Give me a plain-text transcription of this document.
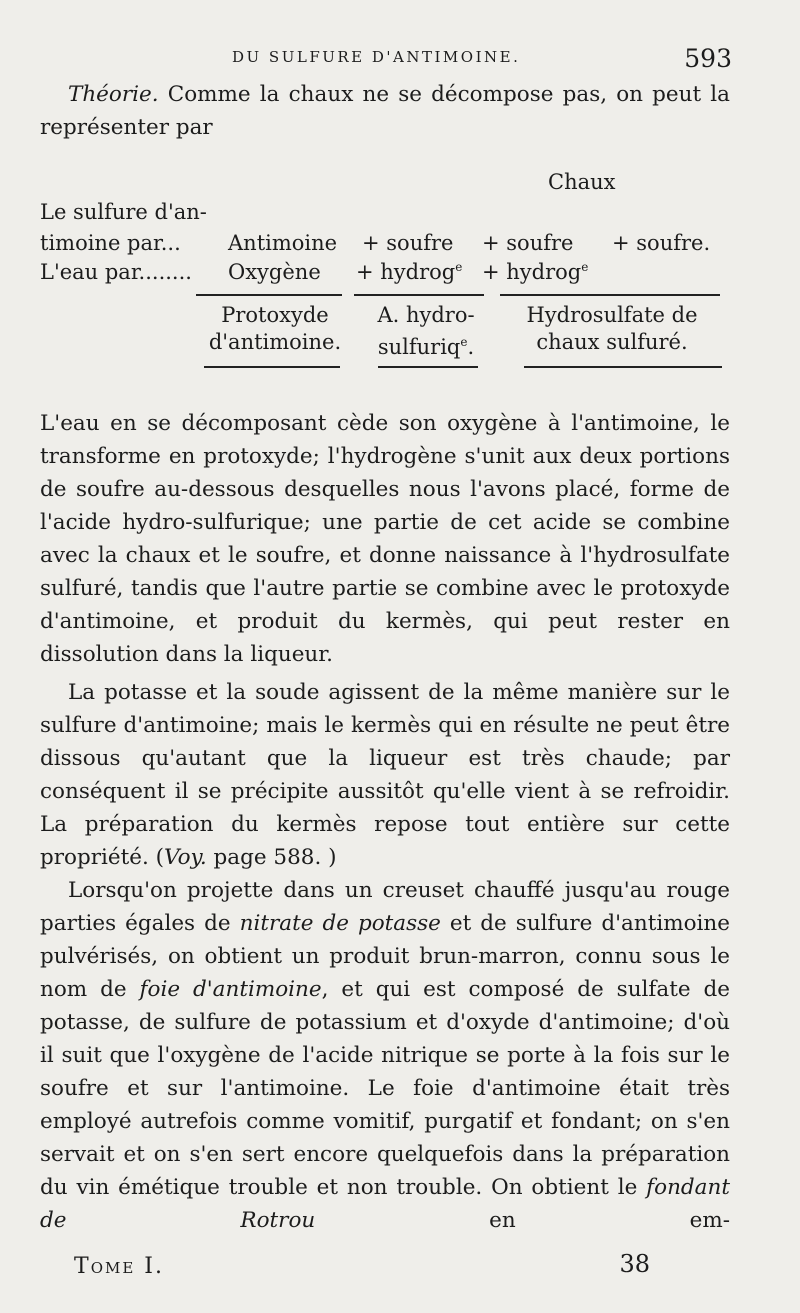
DU SULFURE D'ANTIMOINE.	593

Théorie. Comme la chaux ne se décompose pas, on peut la représenter par

Chaux
Le sulfure d'an-
timoine par...
L'eau par........
Antimoine + soufre + soufre + soufre.
Oxygène + hydrog$^e$ + hydrog$^e$
Protoxyde
d'antimoine.
A. hydro-
sulfuriq$^e$.
Hydrosulfate de
chaux sulfuré.

L'eau en se décomposant cède son oxygène à l'antimoine, le transforme en protoxyde; l'hydrogène s'unit aux deux portions de soufre au-dessous desquelles nous l'avons placé, forme de l'acide hydro-sulfurique; une partie de cet acide se combine avec la chaux et le soufre, et donne naissance à l'hydrosulfate sulfuré, tandis que l'autre partie se combine avec le protoxyde d'antimoine, et produit du kermès, qui peut rester en dissolution dans la liqueur.

La potasse et la soude agissent de la même manière sur le sulfure d'antimoine; mais le kermès qui en résulte ne peut être dissous qu'autant que la liqueur est très chaude; par conséquent il se précipite aussitôt qu'elle vient à se refroidir. La préparation du kermès repose tout entière sur cette propriété. (Voy. page 588. )

Lorsqu'on projette dans un creuset chauffé jusqu'au rouge parties égales de nitrate de potasse et de sulfure d'antimoine pulvérisés, on obtient un produit brun-marron, connu sous le nom de foie d'antimoine, et qui est composé de sulfate de potasse, de sulfure de potassium et d'oxyde d'antimoine; d'où il suit que l'oxygène de l'acide nitrique se porte à la fois sur le soufre et sur l'antimoine. Le foie d'antimoine était très employé autrefois comme vomitif, purgatif et fondant; on s'en servait et on s'en sert encore quelquefois dans la préparation du vin émétique trouble et non trouble. On obtient le fondant de Rotrou en em-

Tome I.	38
